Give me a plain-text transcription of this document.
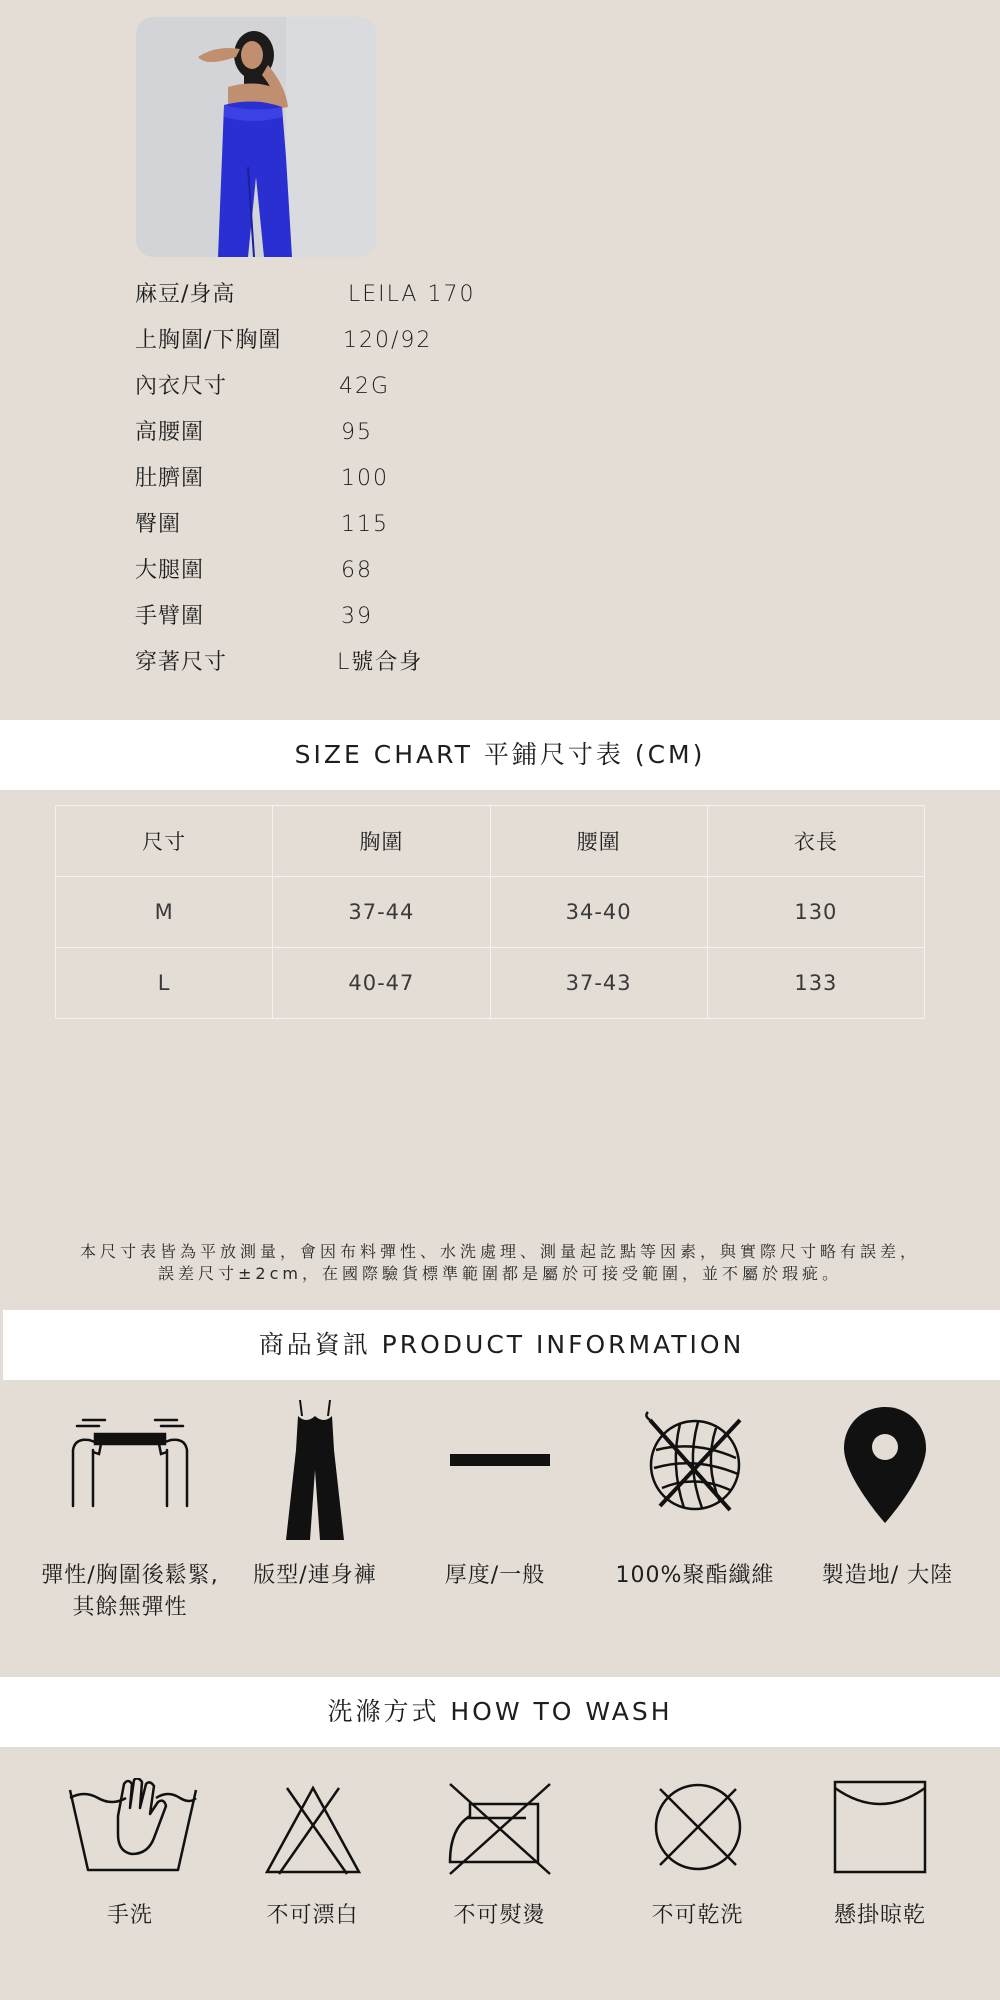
麻豆/身高	LEILA 170
上胸圍/下胸圍	120/92
內衣尺寸	42G
高腰圍	95
肚臍圍	100
臀圍	115
大腿圍	68
手臂圍	39
穿著尺寸	L號合身
SIZE CHART 平鋪尺寸表 (CM)
尺寸	胸圍	腰圍	衣長
M	37-44	34-40	130
L	40-47	37-43	133
本尺寸表皆為平放測量，會因布料彈性、水洗處理、測量起訖點等因素，與實際尺寸略有誤差，
誤差尺寸±2cm，在國際驗貨標準範圍都是屬於可接受範圍，並不屬於瑕疵。
商品資訊 PRODUCT INFORMATION
彈性/胸圍後鬆緊,
其餘無彈性
版型/連身褲	厚度/一般	100%聚酯纖維	製造地/ 大陸
洗滌方式 HOW TO WASH
手洗	不可漂白	不可熨燙	不可乾洗	懸掛晾乾
